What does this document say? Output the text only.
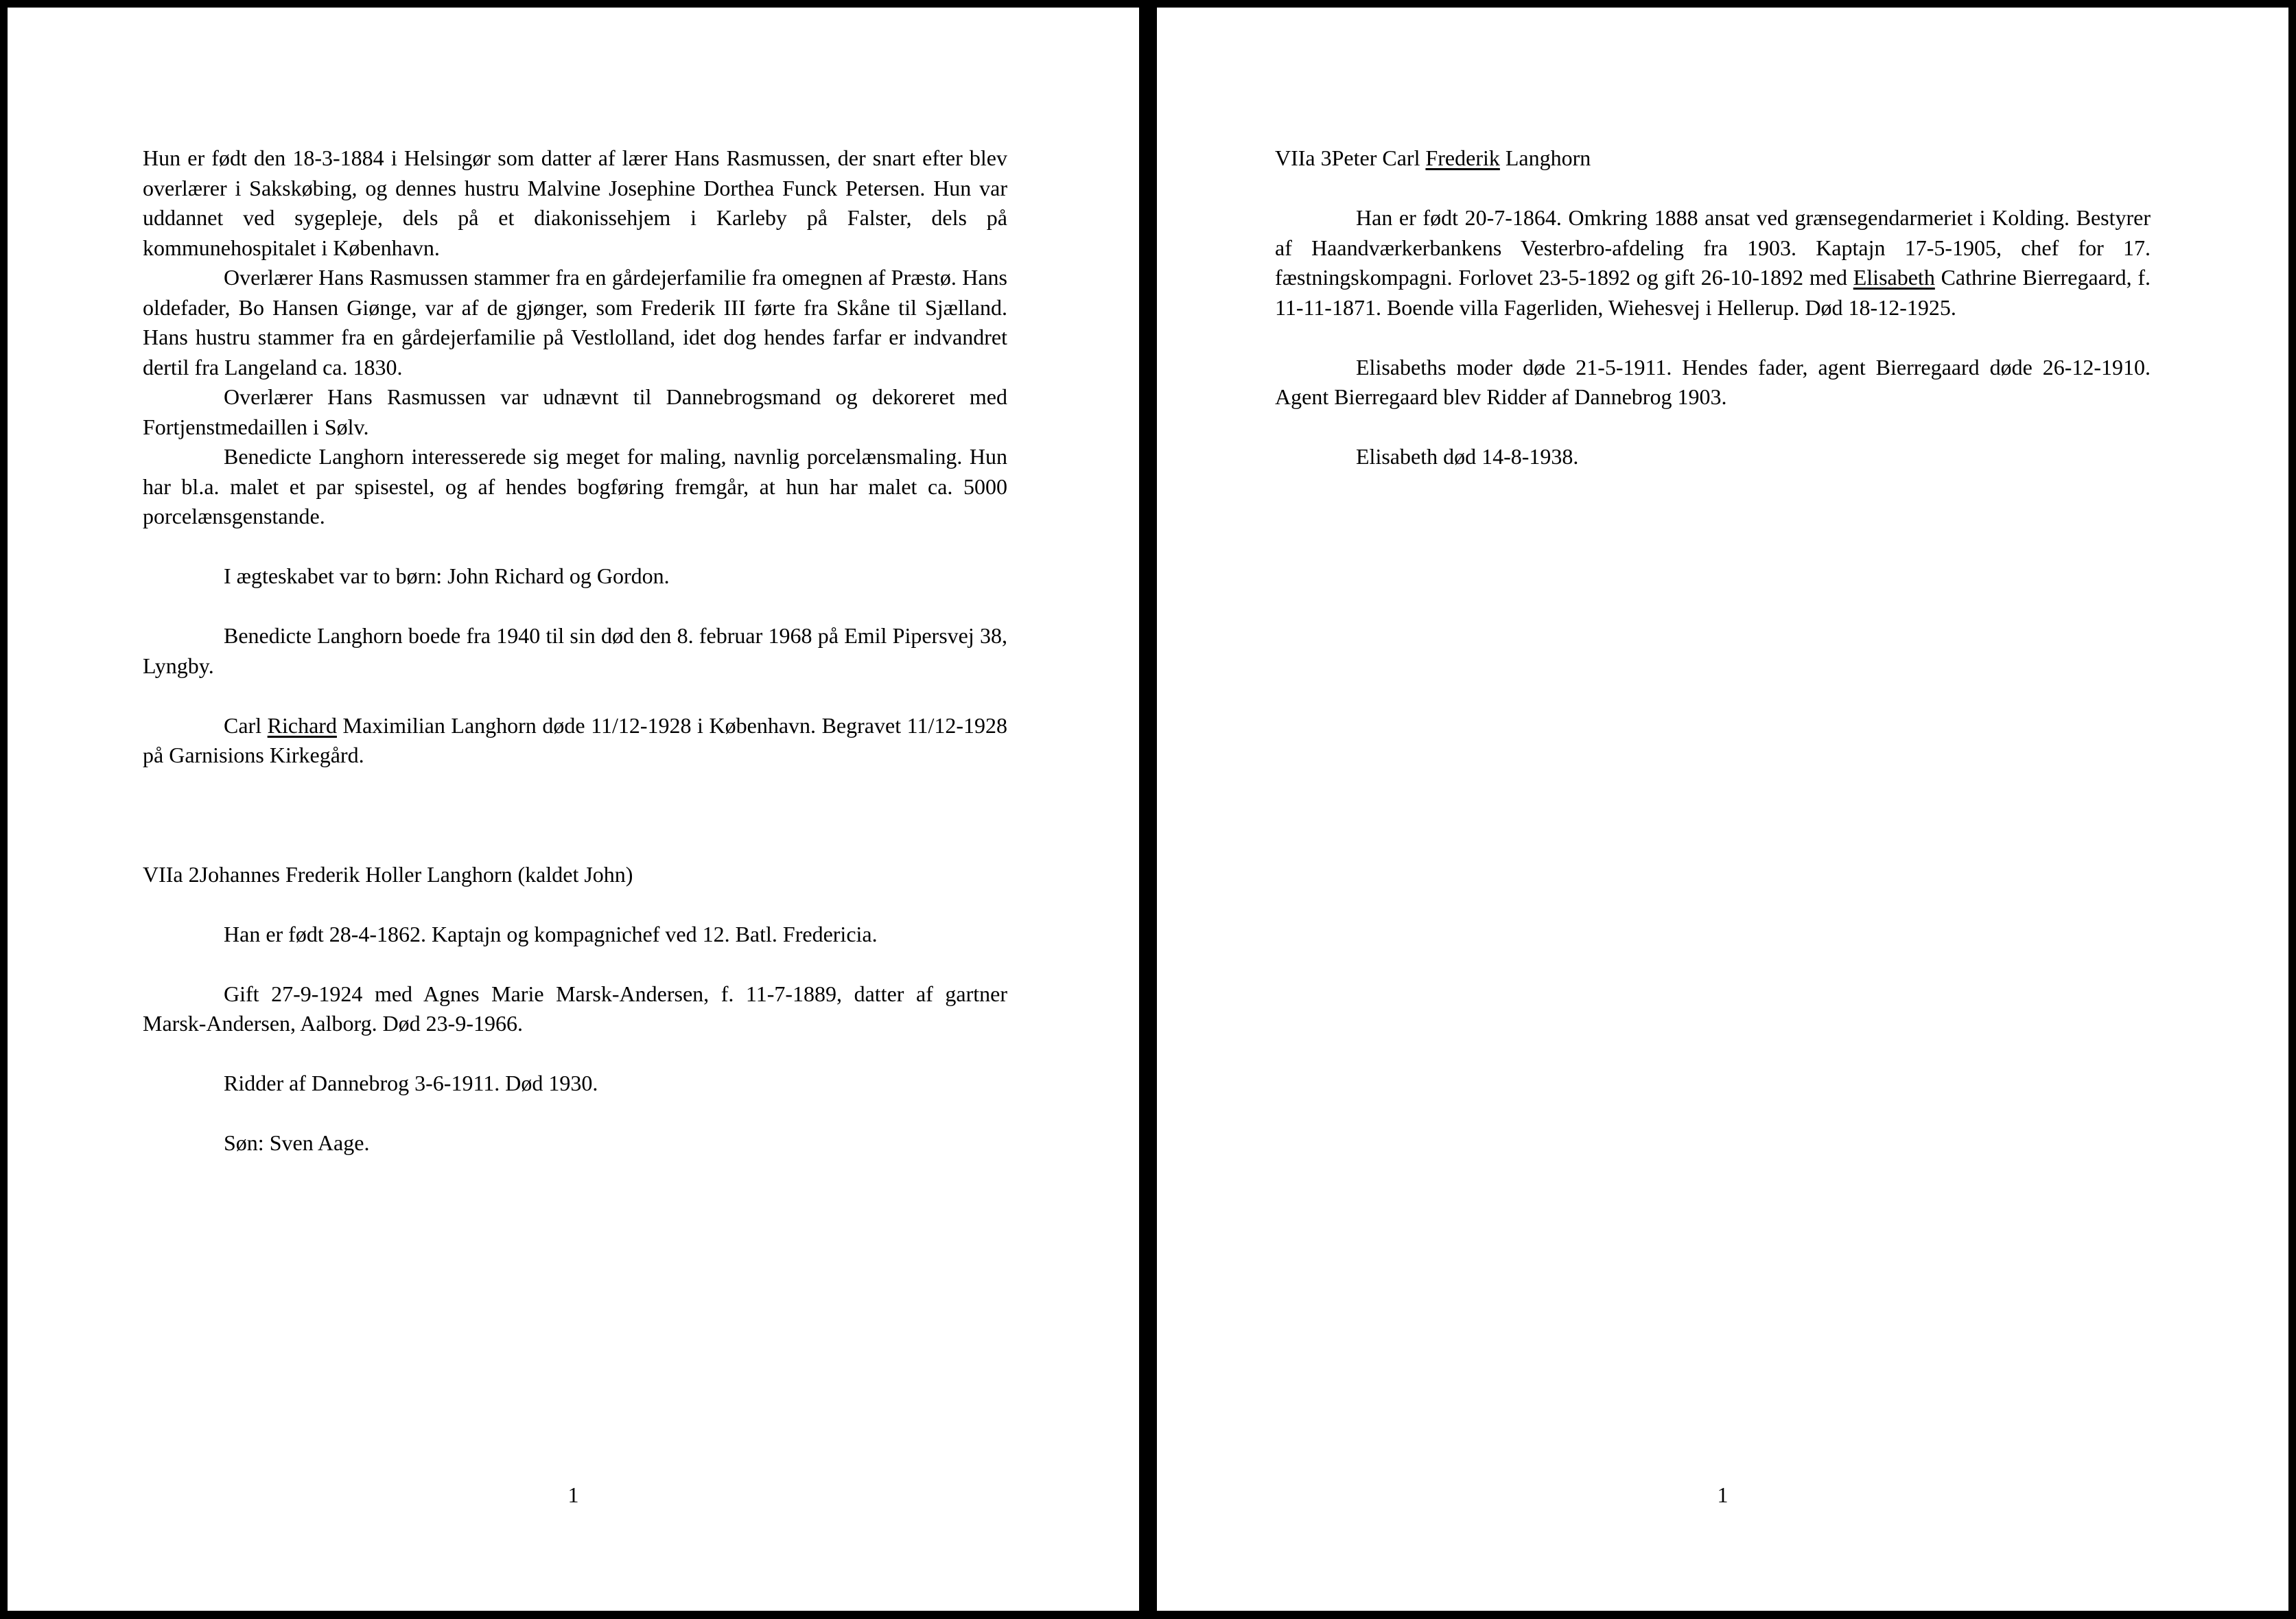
Hun er født den 18-3-1884 i Helsingør som datter af lærer Hans Rasmussen, der snart efter blev overlærer i Sakskøbing, og dennes hustru Malvine Josephine Dorthea Funck Petersen. Hun var uddannet ved sygepleje, dels på et diakonissehjem i Karleby på Falster, dels på kommunehospitalet i København.

Overlærer Hans Rasmussen stammer fra en gårdejerfamilie fra omegnen af Præstø. Hans oldefader, Bo Hansen Giønge, var af de gjønger, som Frederik III førte fra Skåne til Sjælland. Hans hustru stammer fra en gårdejerfamilie på Vestlolland, idet dog hendes farfar er indvandret dertil fra Langeland ca. 1830.

Overlærer Hans Rasmussen var udnævnt til Dannebrogsmand og dekoreret med Fortjenstmedaillen i Sølv.

Benedicte Langhorn interesserede sig meget for maling, navnlig porcelænsmaling. Hun har bl.a. malet et par spisestel, og af hendes bogføring fremgår, at hun har malet ca. 5000 porcelænsgenstande.

I ægteskabet var to børn: John Richard og Gordon.

Benedicte Langhorn boede fra 1940 til sin død den 8. februar 1968 på Emil Pipersvej 38, Lyngby.

Carl Richard Maximilian Langhorn døde 11/12-1928 i København. Begravet 11/12-1928 på Garnisions Kirkegård.

VIIa 2Johannes Frederik Holler Langhorn (kaldet John)

Han er født 28-4-1862. Kaptajn og kompagnichef ved 12. Batl. Fredericia.

Gift 27-9-1924 med Agnes Marie Marsk-Andersen, f. 11-7-1889, datter af gartner Marsk-Andersen, Aalborg. Død 23-9-1966.

Ridder af Dannebrog 3-6-1911. Død 1930.

Søn: Sven Aage.

1

VIIa 3Peter Carl Frederik Langhorn

Han er født 20-7-1864. Omkring 1888 ansat ved grænsegendarmeriet i Kolding. Bestyrer af Haandværkerbankens Vesterbro-afdeling fra 1903. Kaptajn 17-5-1905, chef for 17. fæstningskompagni. Forlovet 23-5-1892 og gift 26-10-1892 med Elisabeth Cathrine Bierregaard, f. 11-11-1871. Boende villa Fagerliden, Wiehesvej i Hellerup. Død 18-12-1925.

Elisabeths moder døde 21-5-1911. Hendes fader, agent Bierregaard døde 26-12-1910. Agent Bierregaard blev Ridder af Dannebrog 1903.

Elisabeth død 14-8-1938.

1
